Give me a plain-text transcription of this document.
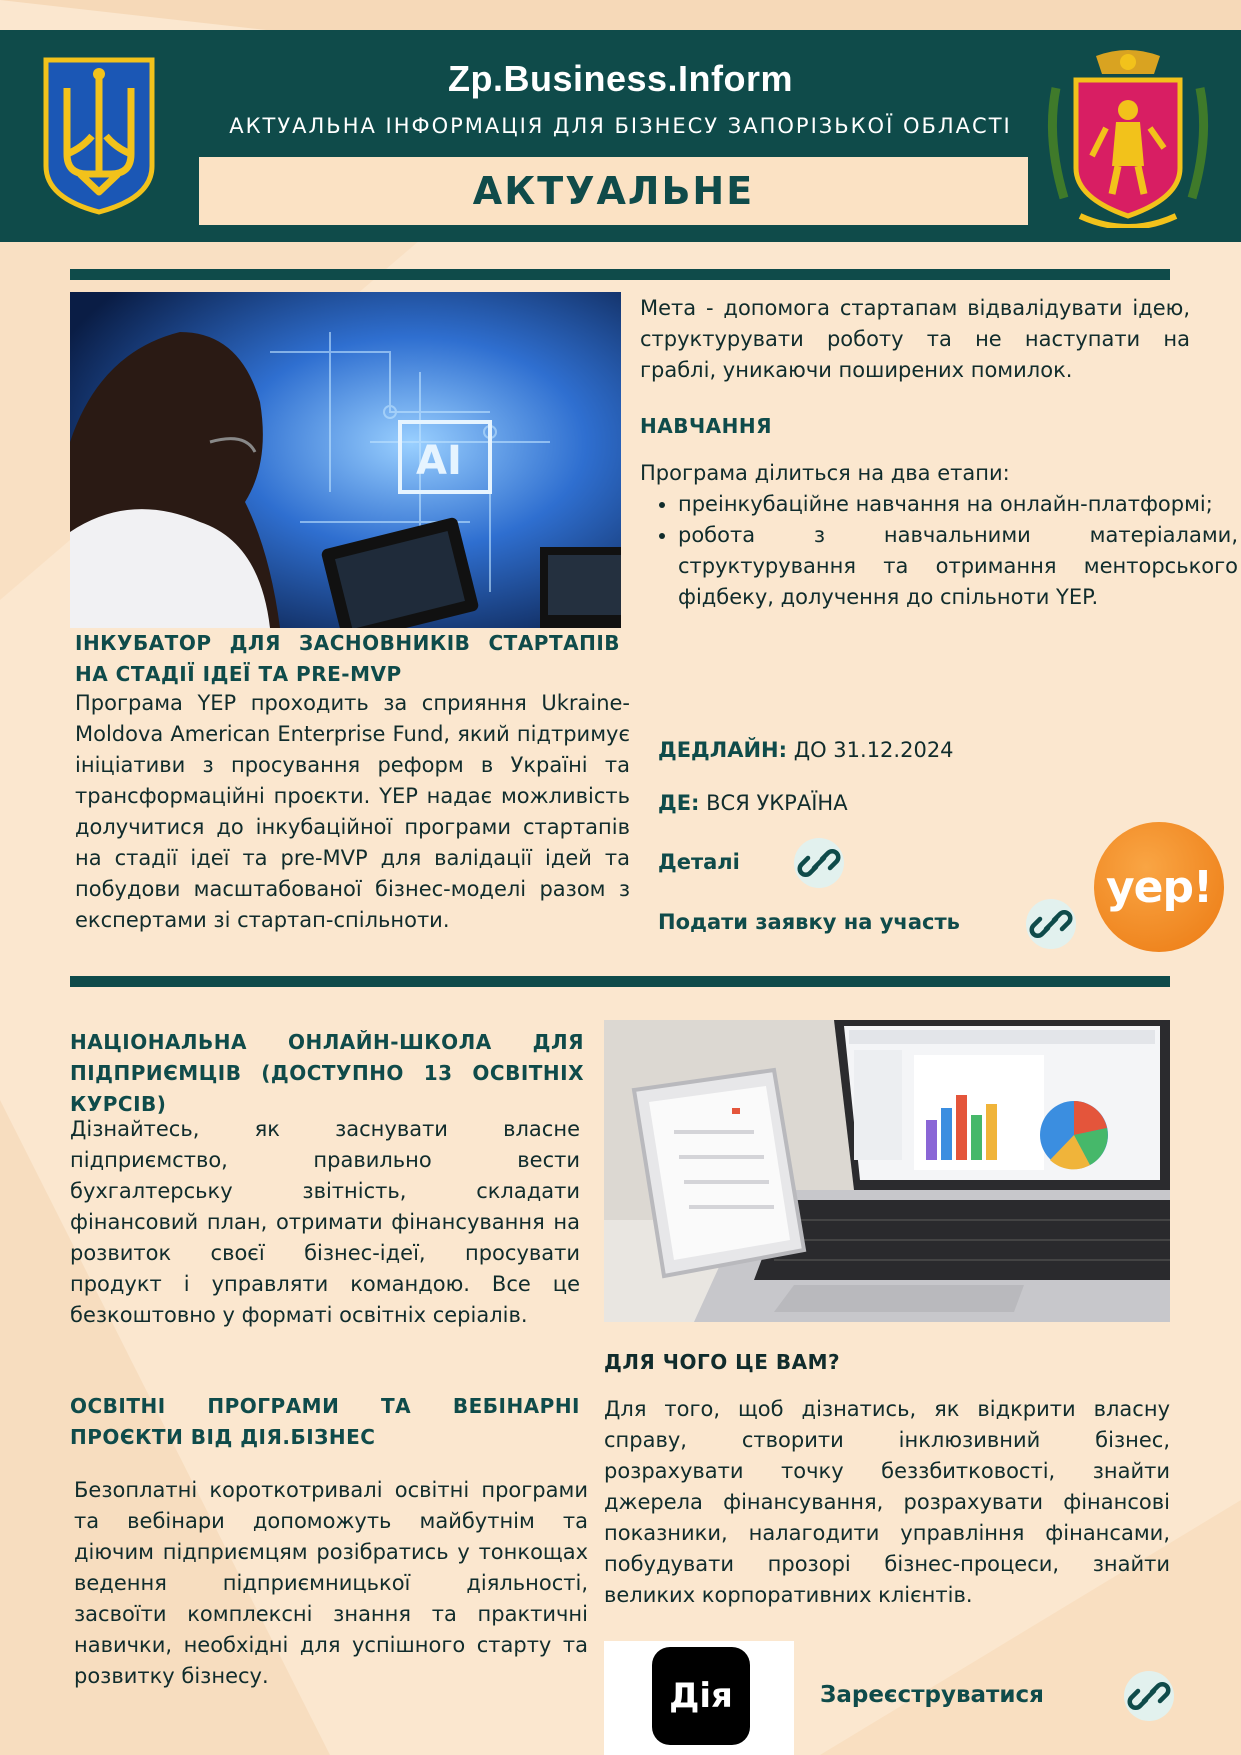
Zp.Business.Inform
АКТУАЛЬНА ІНФОРМАЦІЯ ДЛЯ БІЗНЕСУ ЗАПОРІЗЬКОЇ ОБЛАСТІ
АКТУАЛЬНЕ
AI
ІНКУБАТОР ДЛЯ ЗАСНОВНИКІВ СТАРТАПІВ НА СТАДІЇ ІДЕЇ ТА PRE-MVP
Програма YEP проходить за сприяння Ukraine-Moldova American Enterprise Fund, який підтримує ініціативи з просування реформ в Україні та трансформаційні проєкти. YEP надає можливість долучитися до інкубаційної програми стартапів на стадії ідеї та pre-MVP для валідації ідей та побудови масштабованої бізнес-моделі разом з експертами зі стартап-спільноти.
Мета - допомога стартапам відвалідувати ідею, структурувати роботу та не наступати на граблі, уникаючи поширених помилок.
НАВЧАННЯ
Програма ділиться на два етапи:
• преінкубаційне навчання на онлайн-платформі;
• робота з навчальними матеріалами, структурування та отримання менторського фідбеку, долучення до спільноти YEP.
ДЕДЛАЙН: ДО 31.12.2024
ДЕ: ВСЯ УКРАЇНА
Деталі
Подати заявку на участь
yep!
НАЦІОНАЛЬНА ОНЛАЙН-ШКОЛА ДЛЯ ПІДПРИЄМЦІВ (ДОСТУПНО 13 ОСВІТНІХ КУРСІВ)
Дізнайтесь, як заснувати власне підприємство, правильно вести бухгалтерську звітність, складати фінансовий план, отримати фінансування на розвиток своєї бізнес-ідеї, просувати продукт і управляти командою. Все це безкоштовно у форматі освітніх серіалів.
ОСВІТНІ ПРОГРАМИ ТА ВЕБІНАРНІ ПРОЄКТИ ВІД ДІЯ.БІЗНЕС
Безоплатні короткотривалі освітні програми та вебінари допоможуть майбутнім та діючим підприємцям розібратись у тонкощах ведення підприємницької діяльності, засвоїти комплексні знання та практичні навички, необхідні для успішного старту та розвитку бізнесу.
ДЛЯ ЧОГО ЦЕ ВАМ?
Для того, щоб дізнатись, як відкрити власну справу, створити інклюзивний бізнес, розрахувати точку беззбитковості, знайти джерела фінансування, розрахувати фінансові показники, налагодити управління фінансами, побудувати прозорі бізнес-процеси, знайти великих корпоративних клієнтів.
Дія	Зареєструватися
